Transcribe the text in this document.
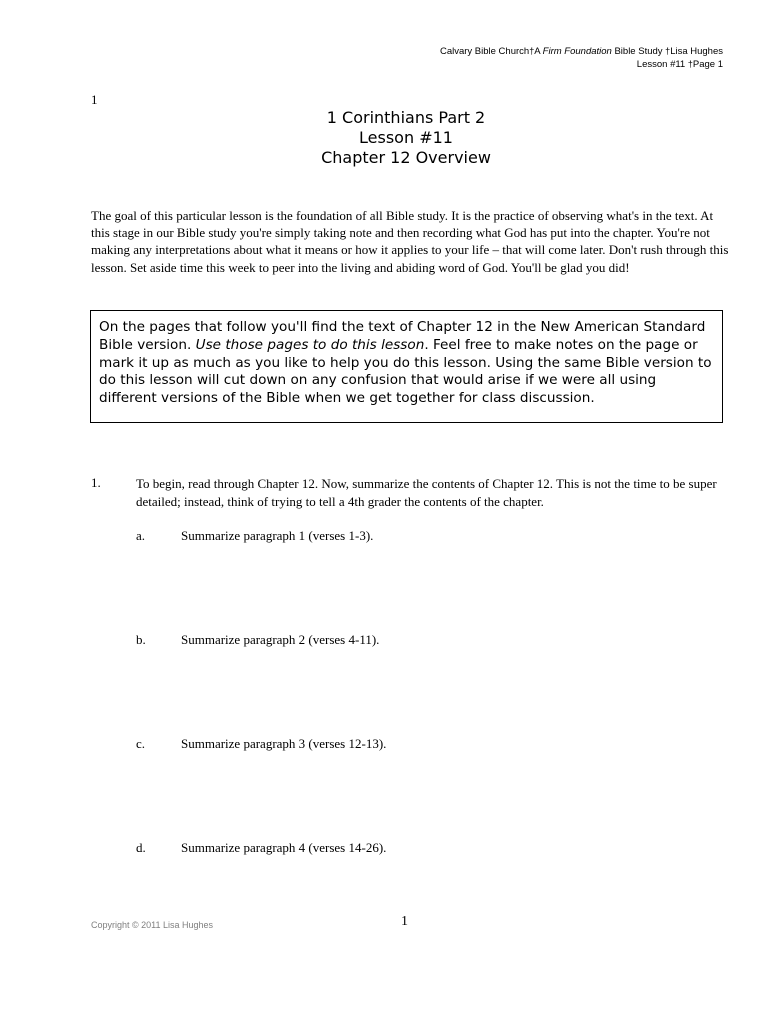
Calvary Bible Church†A Firm Foundation Bible Study †Lisa Hughes
Lesson #11 †Page 1
1
1 Corinthians Part 2
Lesson #11
Chapter 12 Overview

The goal of this particular lesson is the foundation of all Bible study. It is the practice of observing what's in the text. At this stage in our Bible study you're simply taking note and then recording what God has put into the chapter. You're not making any interpretations about what it means or how it applies to your life – that will come later. Don't rush through this lesson. Set aside time this week to peer into the living and abiding word of God. You'll be glad you did!

On the pages that follow you'll find the text of Chapter 12 in the New American Standard Bible version. Use those pages to do this lesson. Feel free to make notes on the page or mark it up as much as you like to help you do this lesson. Using the same Bible version to do this lesson will cut down on any confusion that would arise if we were all using different versions of the Bible when we get together for class discussion.
1.	To begin, read through Chapter 12. Now, summarize the contents of Chapter 12. This is not the time to be super detailed; instead, think of trying to tell a 4th grader the contents of the chapter.
a.	Summarize paragraph 1 (verses 1-3).
b.	Summarize paragraph 2 (verses 4-11).
c.	Summarize paragraph 3 (verses 12-13).
d.	Summarize paragraph 4 (verses 14-26).
Copyright © 2011 Lisa Hughes	1
